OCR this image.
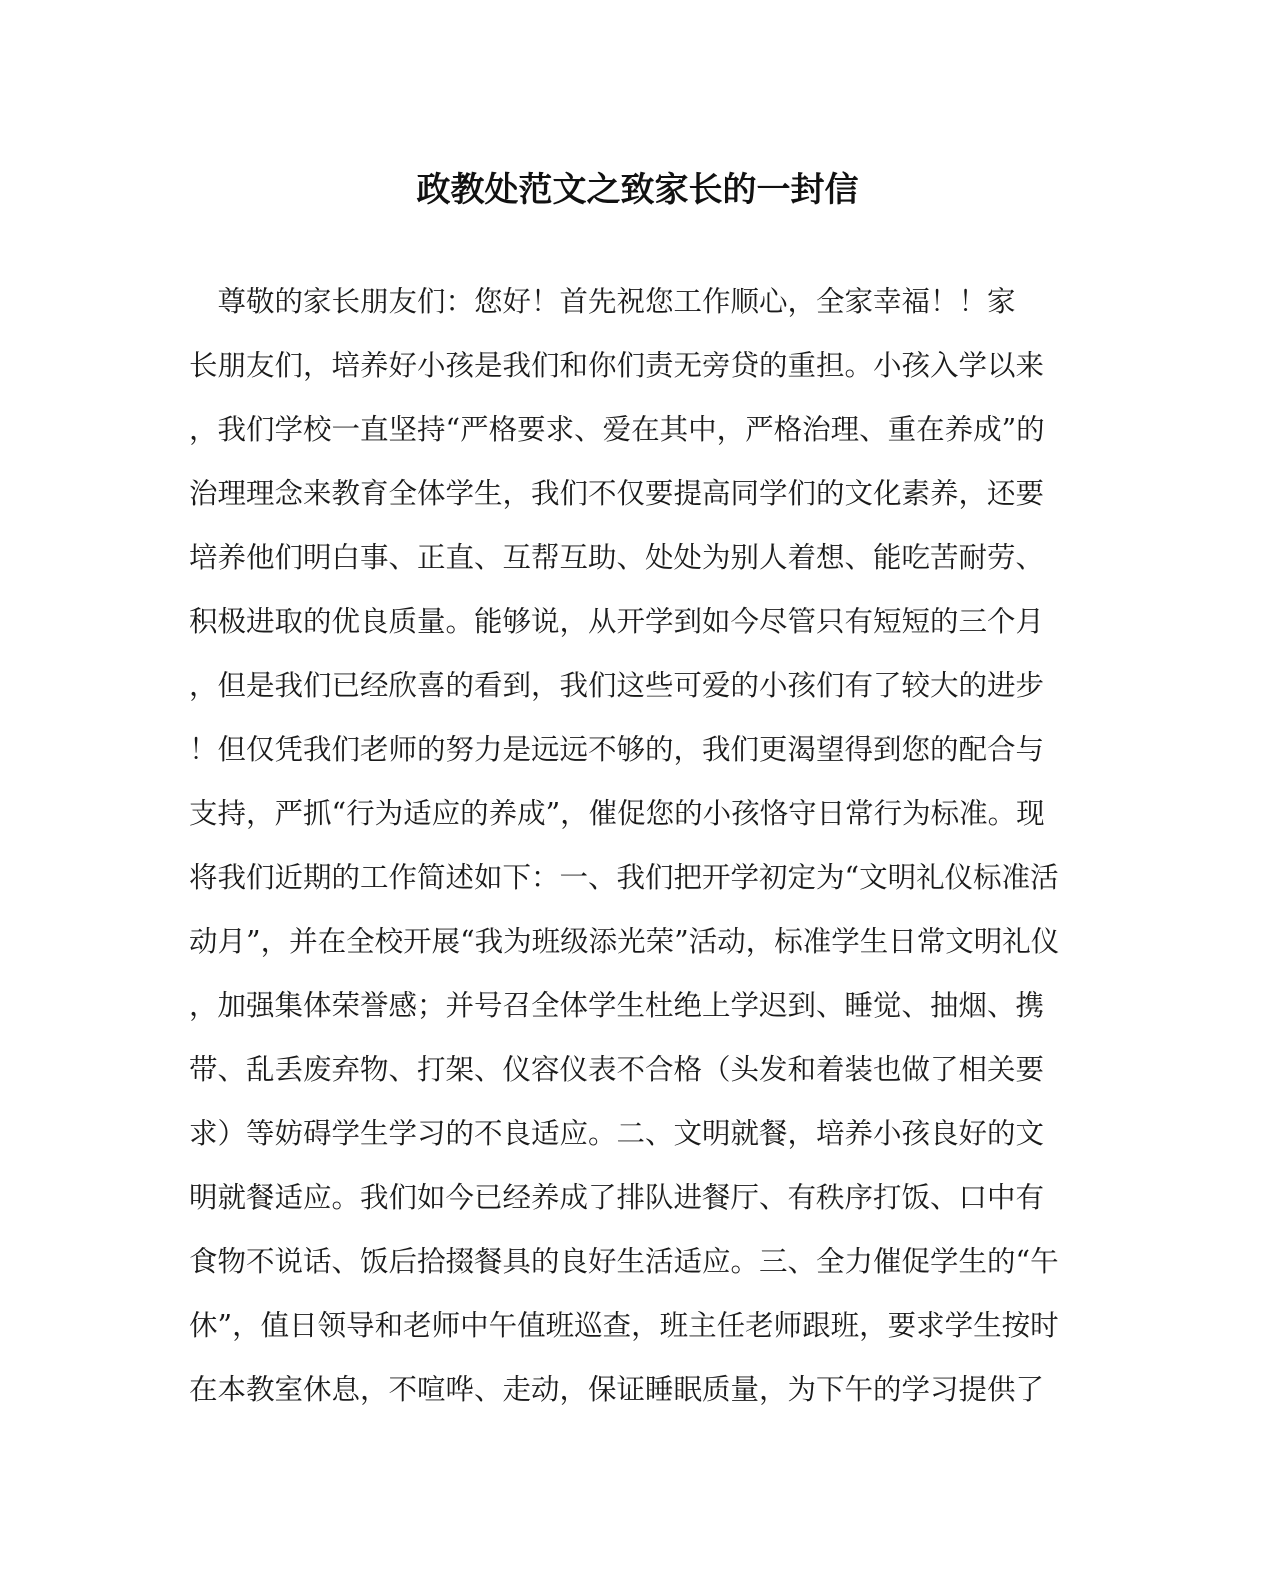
政教处范文之致家长的一封信
　尊敬的家长朋友们：您好！首先祝您工作顺心，全家幸福！！家
长朋友们，培养好小孩是我们和你们责无旁贷的重担。小孩入学以来
，我们学校一直坚持“严格要求、爱在其中，严格治理、重在养成”的
治理理念来教育全体学生，我们不仅要提高同学们的文化素养，还要
培养他们明白事、正直、互帮互助、处处为别人着想、能吃苦耐劳、
积极进取的优良质量。能够说，从开学到如今尽管只有短短的三个月
，但是我们已经欣喜的看到，我们这些可爱的小孩们有了较大的进步
！但仅凭我们老师的努力是远远不够的，我们更渴望得到您的配合与
支持，严抓“行为适应的养成”，催促您的小孩恪守日常行为标准。现
将我们近期的工作简述如下：一、我们把开学初定为“文明礼仪标准活
动月”，并在全校开展“我为班级添光荣”活动，标准学生日常文明礼仪
，加强集体荣誉感；并号召全体学生杜绝上学迟到、睡觉、抽烟、携
带、乱丢废弃物、打架、仪容仪表不合格（头发和着装也做了相关要
求）等妨碍学生学习的不良适应。二、文明就餐，培养小孩良好的文
明就餐适应。我们如今已经养成了排队进餐厅、有秩序打饭、口中有
食物不说话、饭后拾掇餐具的良好生活适应。三、全力催促学生的“午
休”，值日领导和老师中午值班巡查，班主任老师跟班，要求学生按时
在本教室休息，不喧哗、走动，保证睡眠质量，为下午的学习提供了
